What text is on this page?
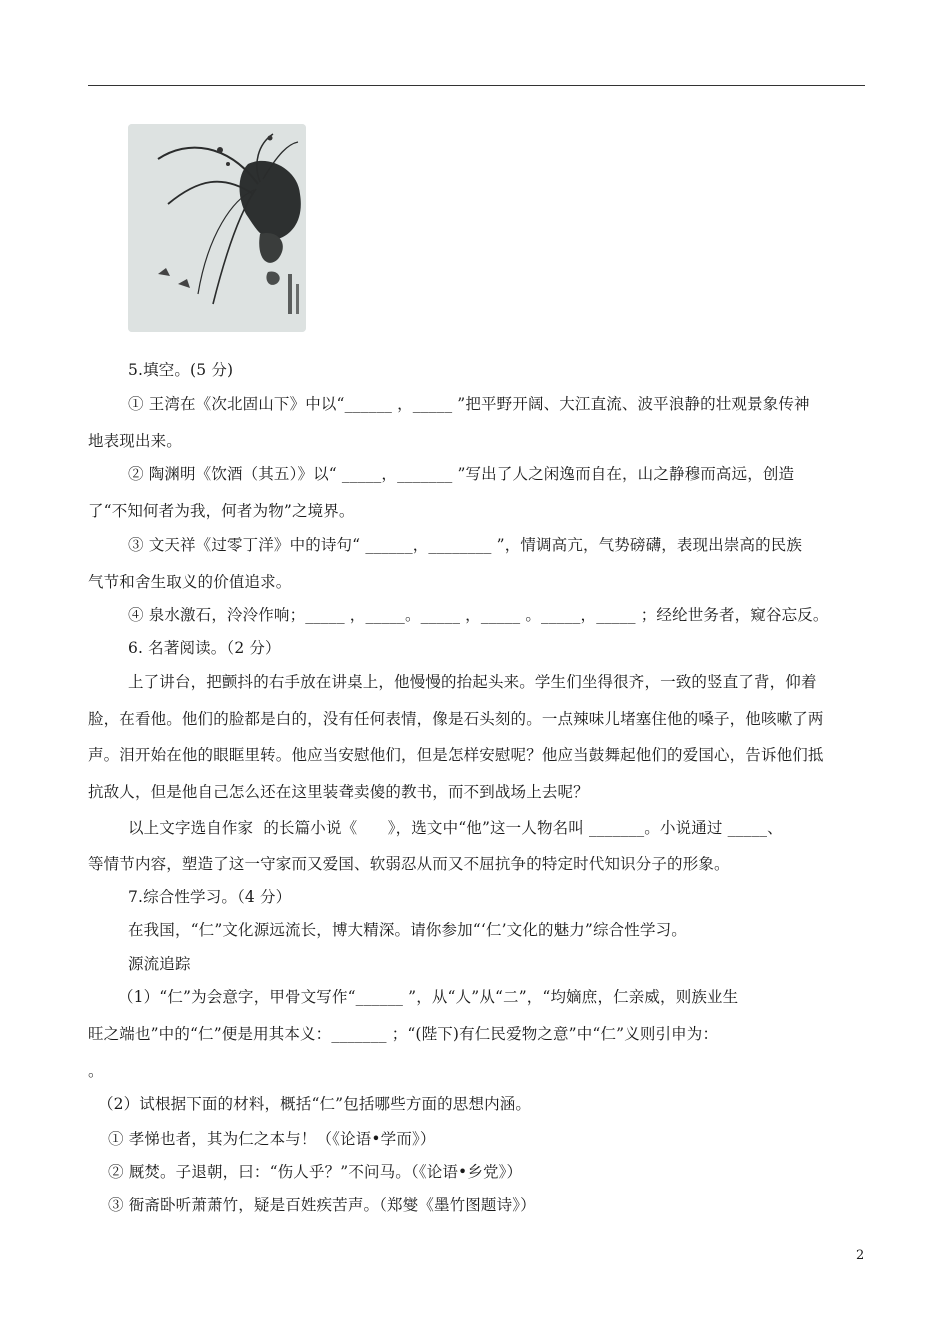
5.填空。(5 分)
① 王湾在《次北固山下》中以“______ ，_____ ”把平野开阔、大江直流、波平浪静的壮观景象传神
地表现出来。
② 陶渊明《饮酒（其五）》以“ _____，_______ ”写出了人之闲逸而自在，山之静穆而高远，创造
了“不知何者为我，何者为物”之境界。
③ 文天祥《过零丁洋》中的诗句“ ______，________ ”，情调高亢，气势磅礴，表现出崇高的民族
气节和舍生取义的价值追求。
④ 泉水激石，泠泠作响；_____ ，_____。_____ ，_____ 。_____，_____ ；经纶世务者，窥谷忘反。
6. 名著阅读。（2 分）
上了讲台，把颤抖的右手放在讲桌上，他慢慢的抬起头来。学生们坐得很齐，一致的竖直了背，仰着
脸，在看他。他们的脸都是白的，没有任何表情，像是石头刻的。一点辣味儿堵塞住他的嗓子，他咳嗽了两
声。泪开始在他的眼眶里转。他应当安慰他们，但是怎样安慰呢？他应当鼓舞起他们的爱国心，告诉他们抵
抗敌人，但是他自己怎么还在这里装聋卖傻的教书，而不到战场上去呢？
以上文字选自作家  的长篇小说《      》，选文中“他”这一人物名叫 _______。小说通过 _____、
等情节内容，塑造了这一守家而又爱国、软弱忍从而又不屈抗争的特定时代知识分子的形象。
7.综合性学习。（4 分）
在我国，“仁”文化源远流长，博大精深。请你参加“‘仁’文化的魅力”综合性学习。
源流追踪
（1）“仁”为会意字，甲骨文写作“______ ”，从“人”从“二”，“均嫡庶，仁亲威，则族业生
旺之端也”中的“仁”便是用其本义：_______ ；“(陛下)有仁民爱物之意”中“仁”义则引申为：
。
（2）试根据下面的材料，概括“仁”包括哪些方面的思想内涵。
① 孝悌也者，其为仁之本与！（《论语•学而》）
② 厩焚。子退朝，曰：“伤人乎？”不问马。（《论语•乡党》）
③ 衙斋卧听萧萧竹，疑是百姓疾苦声。（郑燮《墨竹图题诗》）
2
